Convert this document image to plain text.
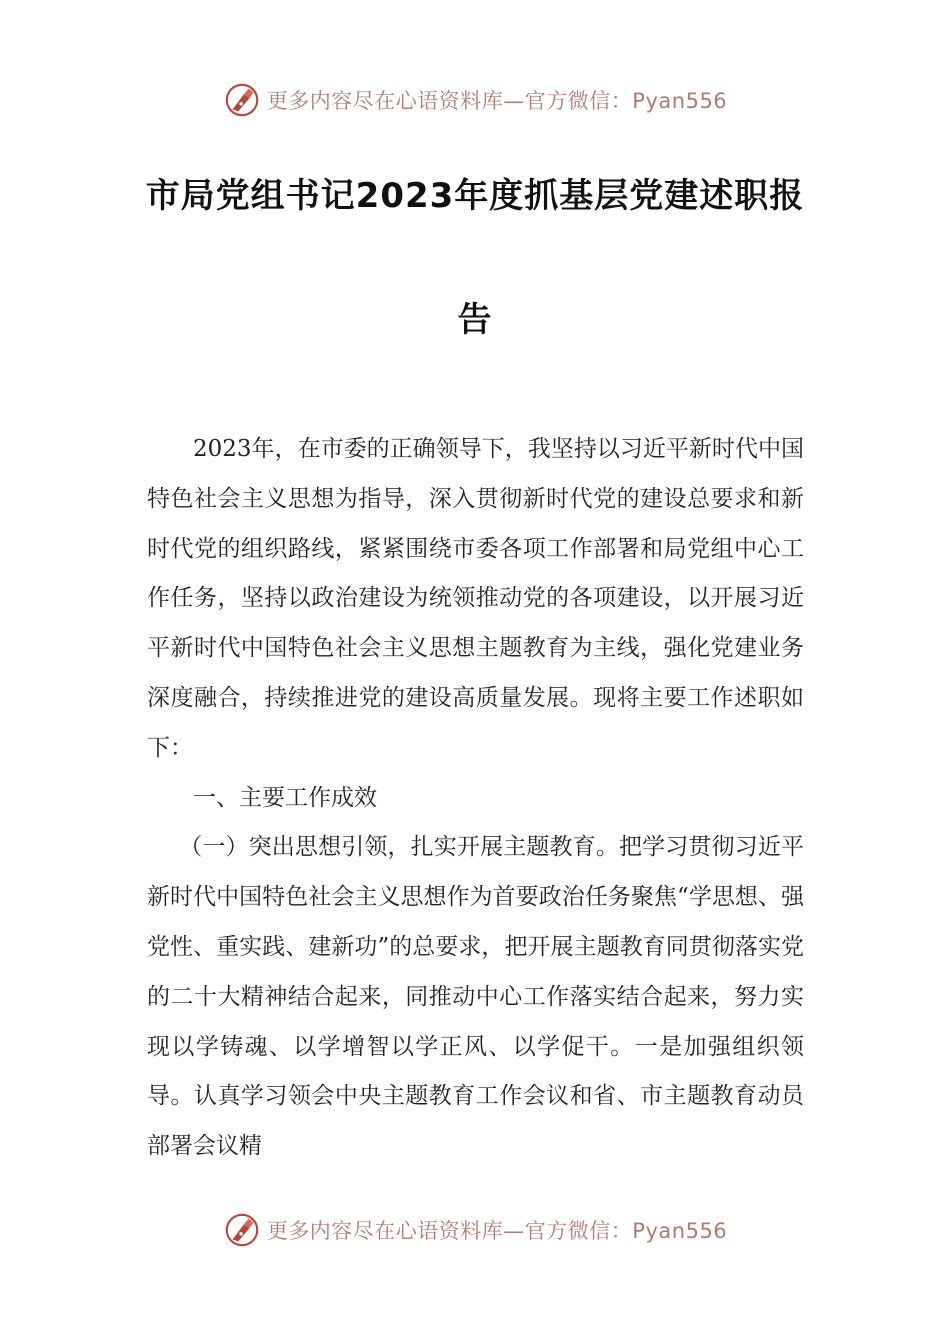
更多内容尽在心语资料库—官方微信：Pyan556
市局党组书记2023年度抓基层党建述职报
告

2023年，在市委的正确领导下，我坚持以习近平新时代中国特色社会主义思想为指导，深入贯彻新时代党的建设总要求和新时代党的组织路线，紧紧围绕市委各项工作部署和局党组中心工作任务，坚持以政治建设为统领推动党的各项建设，以开展习近平新时代中国特色社会主义思想主题教育为主线，强化党建业务深度融合，持续推进党的建设高质量发展。现将主要工作述职如下：

一、主要工作成效

（一）突出思想引领，扎实开展主题教育。把学习贯彻习近平新时代中国特色社会主义思想作为首要政治任务聚焦“学思想、强党性、重实践、建新功”的总要求，把开展主题教育同贯彻落实党的二十大精神结合起来，同推动中心工作落实结合起来，努力实现以学铸魂、以学增智以学正风、以学促干。一是加强组织领导。认真学习领会中央主题教育工作会议和省、市主题教育动员部署会议精

更多内容尽在心语资料库—官方微信：Pyan556
